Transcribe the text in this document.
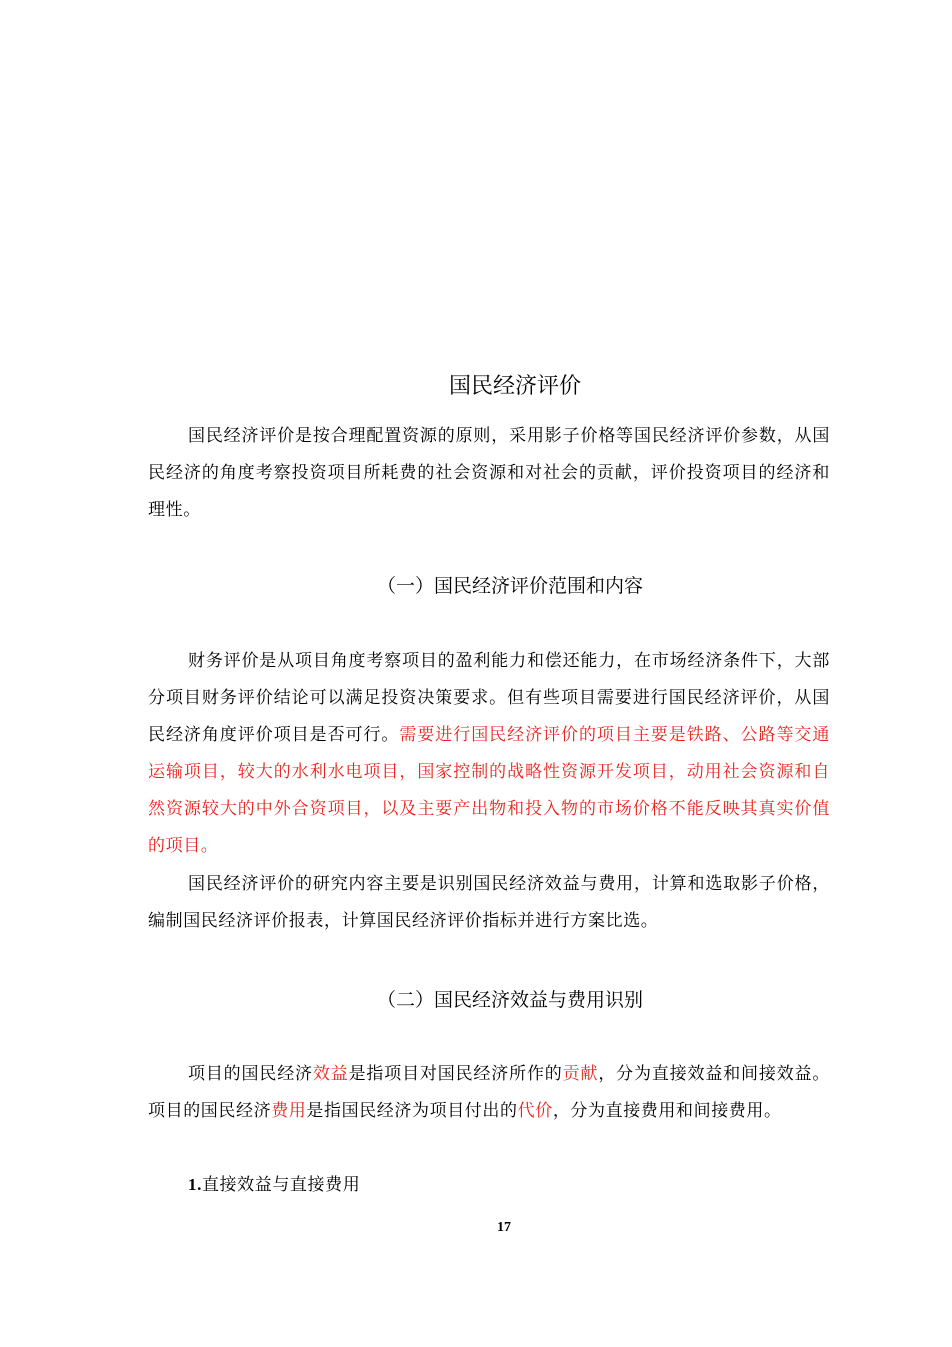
国民经济评价

国民经济评价是按合理配置资源的原则，采用影子价格等国民经济评价参数，从国民经济的角度考察投资项目所耗费的社会资源和对社会的贡献，评价投资项目的经济和理性。

（一）国民经济评价范围和内容

财务评价是从项目角度考察项目的盈利能力和偿还能力，在市场经济条件下，大部分项目财务评价结论可以满足投资决策要求。但有些项目需要进行国民经济评价，从国民经济角度评价项目是否可行。需要进行国民经济评价的项目主要是铁路、公路等交通运输项目，较大的水利水电项目，国家控制的战略性资源开发项目，动用社会资源和自然资源较大的中外合资项目，以及主要产出物和投入物的市场价格不能反映其真实价值的项目。

国民经济评价的研究内容主要是识别国民经济效益与费用，计算和选取影子价格，编制国民经济评价报表，计算国民经济评价指标并进行方案比选。

（二）国民经济效益与费用识别

项目的国民经济效益是指项目对国民经济所作的贡献，分为直接效益和间接效益。项目的国民经济费用是指国民经济为项目付出的代价，分为直接费用和间接费用。

1.直接效益与直接费用

17
